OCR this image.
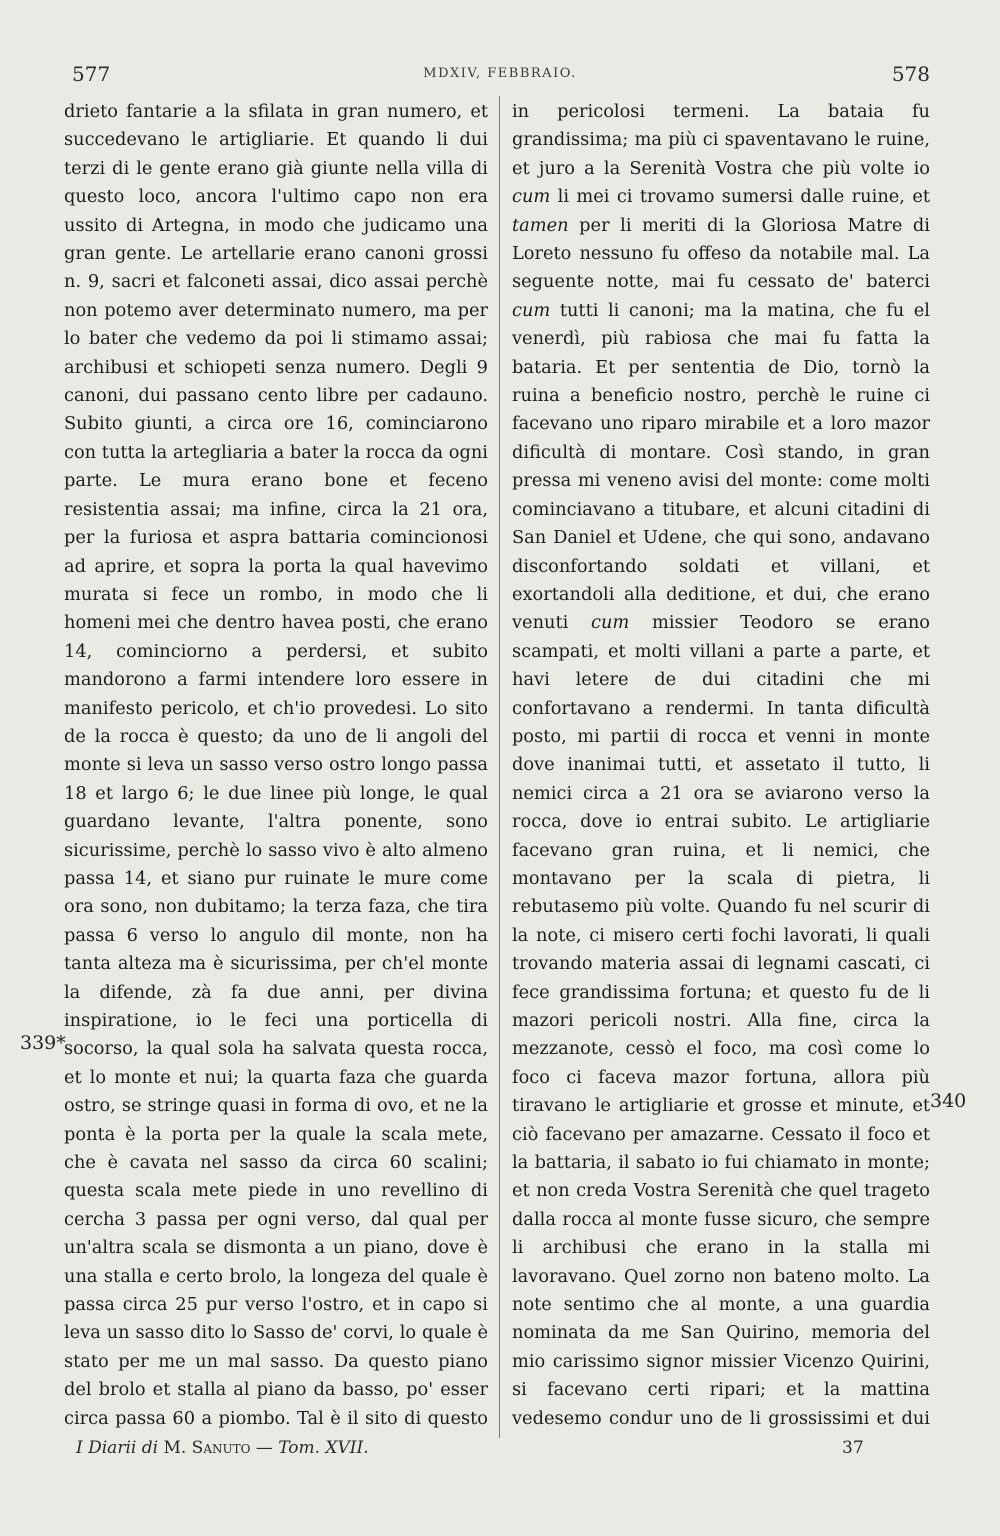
577	MDXIV, FEBBRAIO.	578

drieto fantarie a la sfilata in gran numero, et succedevano le artigliarie. Et quando li dui terzi di le gente erano già giunte nella villa di questo loco, ancora l'ultimo capo non era ussito di Artegna, in modo che judicamo una gran gente. Le artellarie erano canoni grossi n. 9, sacri et falconeti assai, dico assai perchè non potemo aver determinato numero, ma per lo bater che vedemo da poi li stimamo assai; archibusi et schiopeti senza numero. Degli 9 canoni, dui passano cento libre per cadauno. Subito giunti, a circa ore 16, cominciarono con tutta la artegliaria a bater la rocca da ogni parte. Le mura erano bone et feceno resistentia assai; ma infine, circa la 21 ora, per la furiosa et aspra battaria comincionosi ad aprire, et sopra la porta la qual havevimo murata si fece un rombo, in modo che li homeni mei che dentro havea posti, che erano 14, cominciorno a perdersi, et subito mandorono a farmi intendere loro essere in manifesto pericolo, et ch'io provedesi. Lo sito de la rocca è questo; da uno de li angoli del monte si leva un sasso verso ostro longo passa 18 et largo 6; le due linee più longe, le qual guardano levante, l'altra ponente, sono sicurissime, perchè lo sasso vivo è alto almeno passa 14, et siano pur ruinate le mure come ora sono, non dubitamo; la terza faza, che tira passa 6 verso lo angulo dil monte, non ha tanta alteza ma è sicurissima, per ch'el monte la difende, zà fa due anni, per divina inspiratione, io le feci una porticella di socorso, la qual sola ha salvata questa rocca, et lo monte et nui; la quarta faza che guarda ostro, se stringe quasi in forma di ovo, et ne la ponta è la porta per la quale la scala mete, che è cavata nel sasso da circa 60 scalini; questa scala mete piede in uno revellino di cercha 3 passa per ogni verso, dal qual per un'altra scala se dismonta a un piano, dove è una stalla e certo brolo, la longeza del quale è passa circa 25 pur verso l'ostro, et in capo si leva un sasso dito lo Sasso de' corvi, lo quale è stato per me un mal sasso. Da questo piano del brolo et stalla al piano da basso, po' esser circa passa 60 a piombo. Tal è il sito di questo

in pericolosi termeni. La bataia fu grandissima; ma più ci spaventavano le ruine, et juro a la Serenità Vostra che più volte io cum li mei ci trovamo sumersi dalle ruine, et tamen per li meriti di la Gloriosa Matre di Loreto nessuno fu offeso da notabile mal. La seguente notte, mai fu cessato de' baterci cum tutti li canoni; ma la matina, che fu el venerdì, più rabiosa che mai fu fatta la bataria. Et per sententia de Dio, tornò la ruina a beneficio nostro, perchè le ruine ci facevano uno riparo mirabile et a loro mazor dificultà di montare. Così stando, in gran pressa mi veneno avisi del monte: come molti cominciavano a titubare, et alcuni citadini di San Daniel et Udene, che qui sono, andavano disconfortando soldati et villani, et exortandoli alla deditione, et dui, che erano venuti cum missier Teodoro se erano scampati, et molti villani a parte a parte, et havi letere de dui citadini che mi confortavano a rendermi. In tanta dificultà posto, mi partii di rocca et venni in monte dove inanimai tutti, et assetato il tutto, li nemici circa a 21 ora se aviarono verso la rocca, dove io entrai subito. Le artigliarie facevano gran ruina, et li nemici, che montavano per la scala di pietra, li rebutasemo più volte. Quando fu nel scurir di la note, ci misero certi fochi lavorati, li quali trovando materia assai di legnami cascati, ci fece grandissima fortuna; et questo fu de li mazori pericoli nostri. Alla fine, circa la mezzanote, cessò el foco, ma così come lo foco ci faceva mazor fortuna, allora più tiravano le artigliarie et grosse et minute, et ciò facevano per amazarne. Cessato il foco et la battaria, il sabato io fui chiamato in monte; et non creda Vostra Serenità che quel trageto dalla rocca al monte fusse sicuro, che sempre li archibusi che erano in la stalla mi lavoravano. Quel zorno non bateno molto. La note sentimo che al monte, a una guardia nominata da me San Quirino, memoria del mio carissimo signor missier Vicenzo Quirini, si facevano certi ripari; et la mattina vedesemo condur uno de li grossissimi et dui

339*
340
I Diarii di M. Sanuto — Tom. XVII.	37
